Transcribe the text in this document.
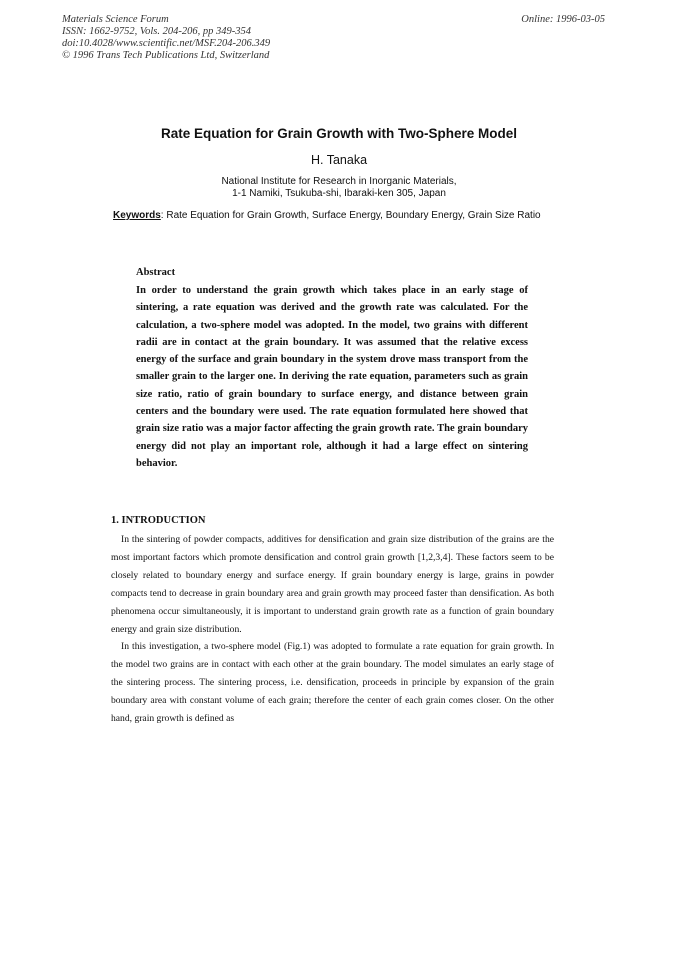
Materials Science Forum
ISSN: 1662-9752, Vols. 204-206, pp 349-354
doi:10.4028/www.scientific.net/MSF.204-206.349
© 1996 Trans Tech Publications Ltd, Switzerland
Online: 1996-03-05
Rate Equation for Grain Growth with Two-Sphere Model
H. Tanaka
National Institute for Research in Inorganic Materials,
1-1 Namiki, Tsukuba-shi, Ibaraki-ken 305, Japan
Keywords: Rate Equation for Grain Growth, Surface Energy, Boundary Energy, Grain Size Ratio
Abstract
In order to understand the grain growth which takes place in an early stage of sintering, a rate equation was derived and the growth rate was calculated. For the calculation, a two-sphere model was adopted. In the model, two grains with different radii are in contact at the grain boundary. It was assumed that the relative excess energy of the surface and grain boundary in the system drove mass transport from the smaller grain to the larger one. In deriving the rate equation, parameters such as grain size ratio, ratio of grain boundary to surface energy, and distance between grain centers and the boundary were used. The rate equation formulated here showed that grain size ratio was a major factor affecting the grain growth rate. The grain boundary energy did not play an important role, although it had a large effect on sintering behavior.
1. INTRODUCTION

In the sintering of powder compacts, additives for densification and grain size distribution of the grains are the most important factors which promote densification and control grain growth [1,2,3,4]. These factors seem to be closely related to boundary energy and surface energy. If grain boundary energy is large, grains in powder compacts tend to decrease in grain boundary area and grain growth may proceed faster than densification. As both phenomena occur simultaneously, it is important to understand grain growth rate as a function of grain boundary energy and grain size distribution.

In this investigation, a two-sphere model (Fig.1) was adopted to formulate a rate equation for grain growth. In the model two grains are in contact with each other at the grain boundary. The model simulates an early stage of the sintering process. The sintering process, i.e. densification, proceeds in principle by expansion of the grain boundary area with constant volume of each grain; therefore the center of each grain comes closer. On the other hand, grain growth is defined as
